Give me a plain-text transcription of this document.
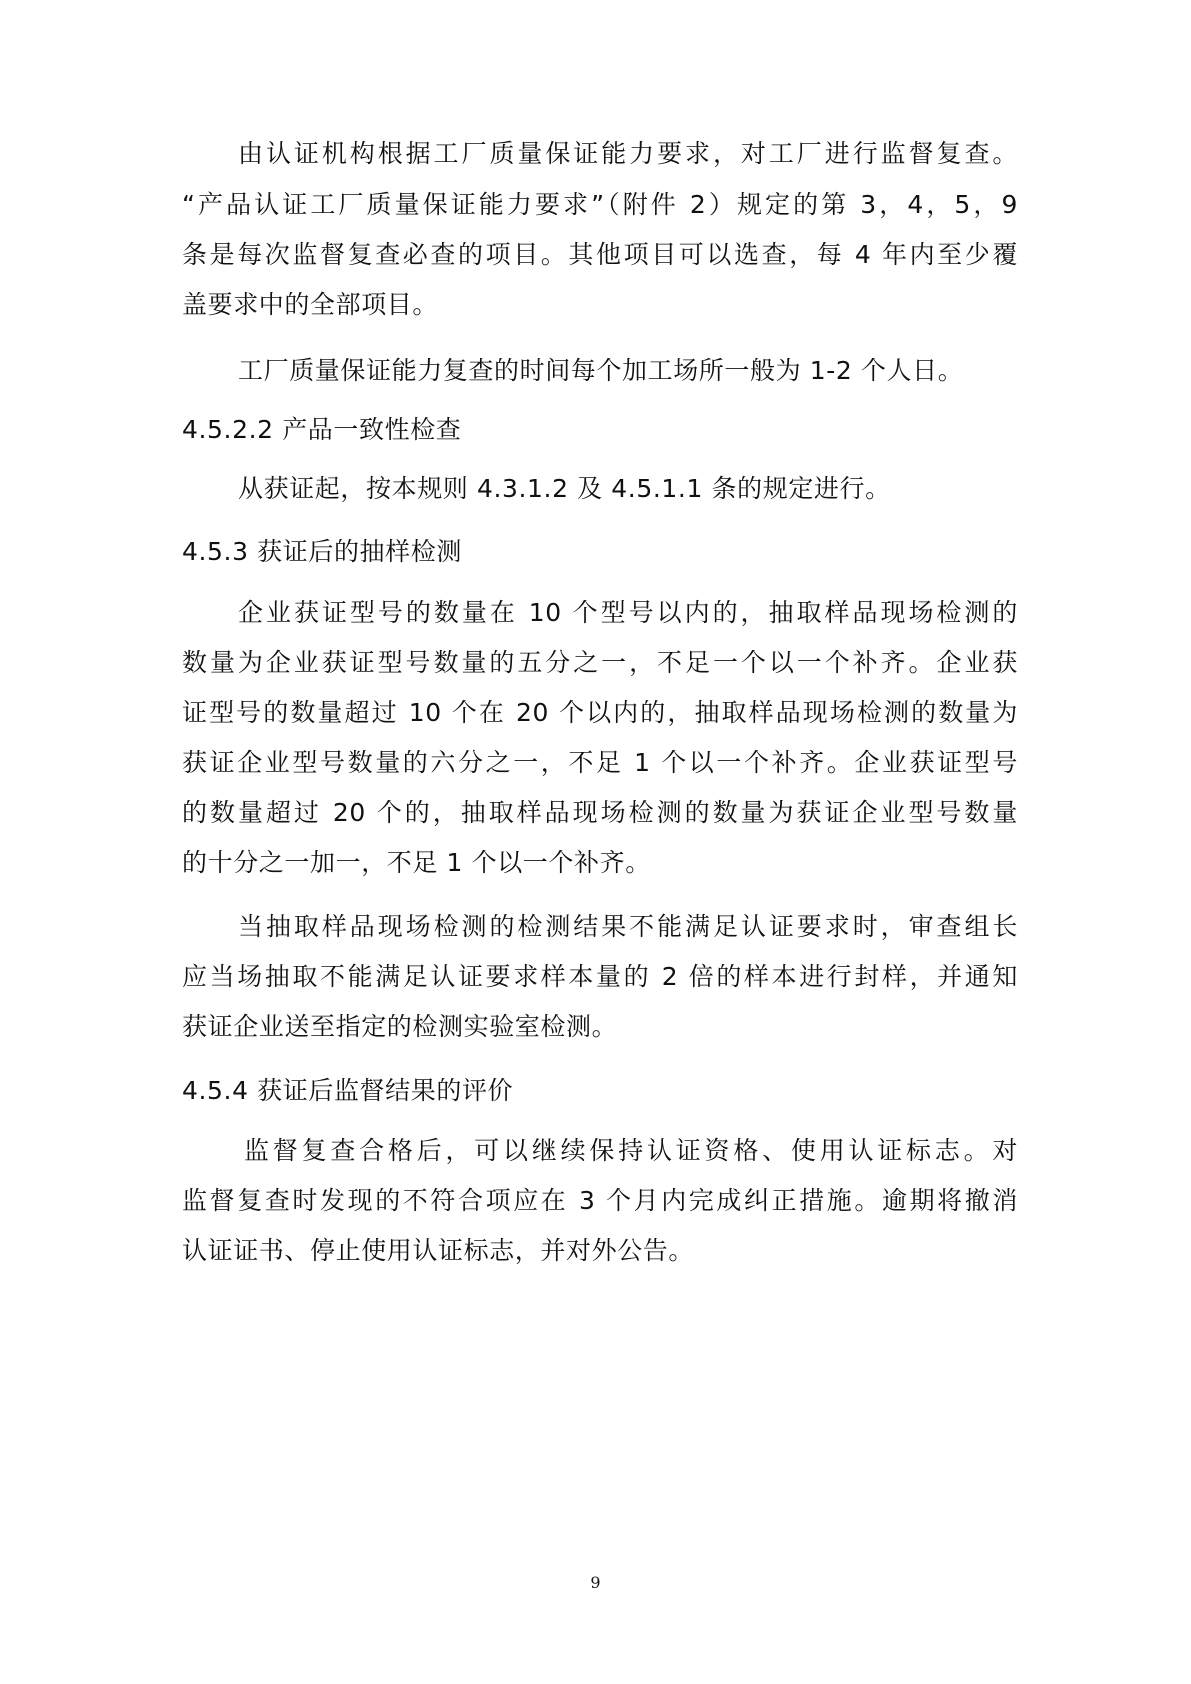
由认证机构根据工厂质量保证能力要求，对工厂进行监督复查。
“产品认证工厂质量保证能力要求”（附件 2）规定的第 3，4，5，9
条是每次监督复查必查的项目。其他项目可以选查，每 4 年内至少覆
盖要求中的全部项目。
工厂质量保证能力复查的时间每个加工场所一般为 1-2 个人日。
4.5.2.2 产品一致性检查
从获证起，按本规则 4.3.1.2 及 4.5.1.1 条的规定进行。
4.5.3 获证后的抽样检测
企业获证型号的数量在 10 个型号以内的，抽取样品现场检测的
数量为企业获证型号数量的五分之一，不足一个以一个补齐。企业获
证型号的数量超过 10 个在 20 个以内的，抽取样品现场检测的数量为
获证企业型号数量的六分之一，不足 1 个以一个补齐。企业获证型号
的数量超过 20 个的，抽取样品现场检测的数量为获证企业型号数量
的十分之一加一，不足 1 个以一个补齐。
当抽取样品现场检测的检测结果不能满足认证要求时，审查组长
应当场抽取不能满足认证要求样本量的 2 倍的样本进行封样，并通知
获证企业送至指定的检测实验室检测。
4.5.4 获证后监督结果的评价
监督复查合格后，可以继续保持认证资格、使用认证标志。对
监督复查时发现的不符合项应在 3 个月内完成纠正措施。逾期将撤消
认证证书、停止使用认证标志，并对外公告。
9
